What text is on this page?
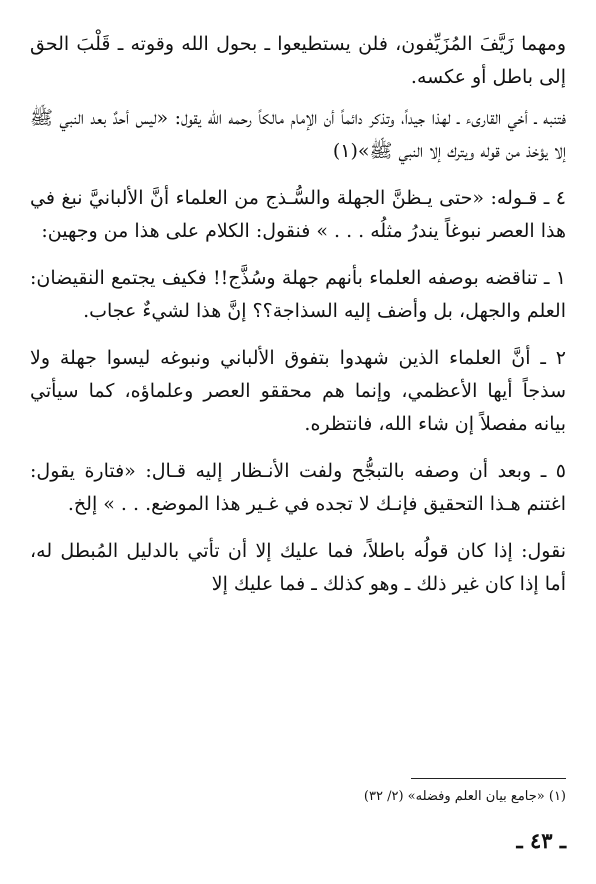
ومهما زَيَّفَ المُزَيِّفون، فلن يستطيعوا ـ بحول الله وقوته ـ قَلْبَ الحق إلى باطل أو عكسه.

فتنبه ـ أخي القارىء ـ لهذا جيداً، وتذكر دائماً أن الإمام مالكاً رحمه الله يقول: «ليس أحدٌ بعد النبي ﷺ إلا يؤخذ من قوله ويترك إلا النبي ﷺ»(١)

٤ ـ قـوله: «حتى يـظنَّ الجهلة والسُّـذج من العلماء أنَّ الألبانيَّ نبغ في هذا العصر نبوغاً يندرُ مثلُه . . . » فنقول: الكلام على هذا من وجهين:

١ ـ تناقضه بوصفه العلماء بأنهم جهلة وسُذَّج!! فكيف يجتمع النقيضان: العلم والجهل، بل وأضف إليه السذاجة؟؟ إنَّ هذا لشيءٌ عجاب.

٢ ـ أنَّ العلماء الذين شهدوا بتفوق الألباني ونبوغه ليسوا جهلة ولا سذجاً أيها الأعظمي، وإنما هم محققو العصر وعلماؤه، كما سيأتي بيانه مفصلاً إن شاء الله، فانتظره.

٥ ـ وبعد أن وصفه بالتبجُّح ولفت الأنـظار إليه قـال: «فتارة يقول: اغتنم هـذا التحقيق فإنـك لا تجده في غـير هذا الموضع. . . » إلخ.

نقول: إذا كان قولُه باطلاً، فما عليك إلا أن تأتي بالدليل المُبطل له، أما إذا كان غير ذلك ـ وهو كذلك ـ فما عليك إلا

(١) «جامع بيان العلم وفضله» (٢/ ٣٢)

ـ ٤٣ ـ
